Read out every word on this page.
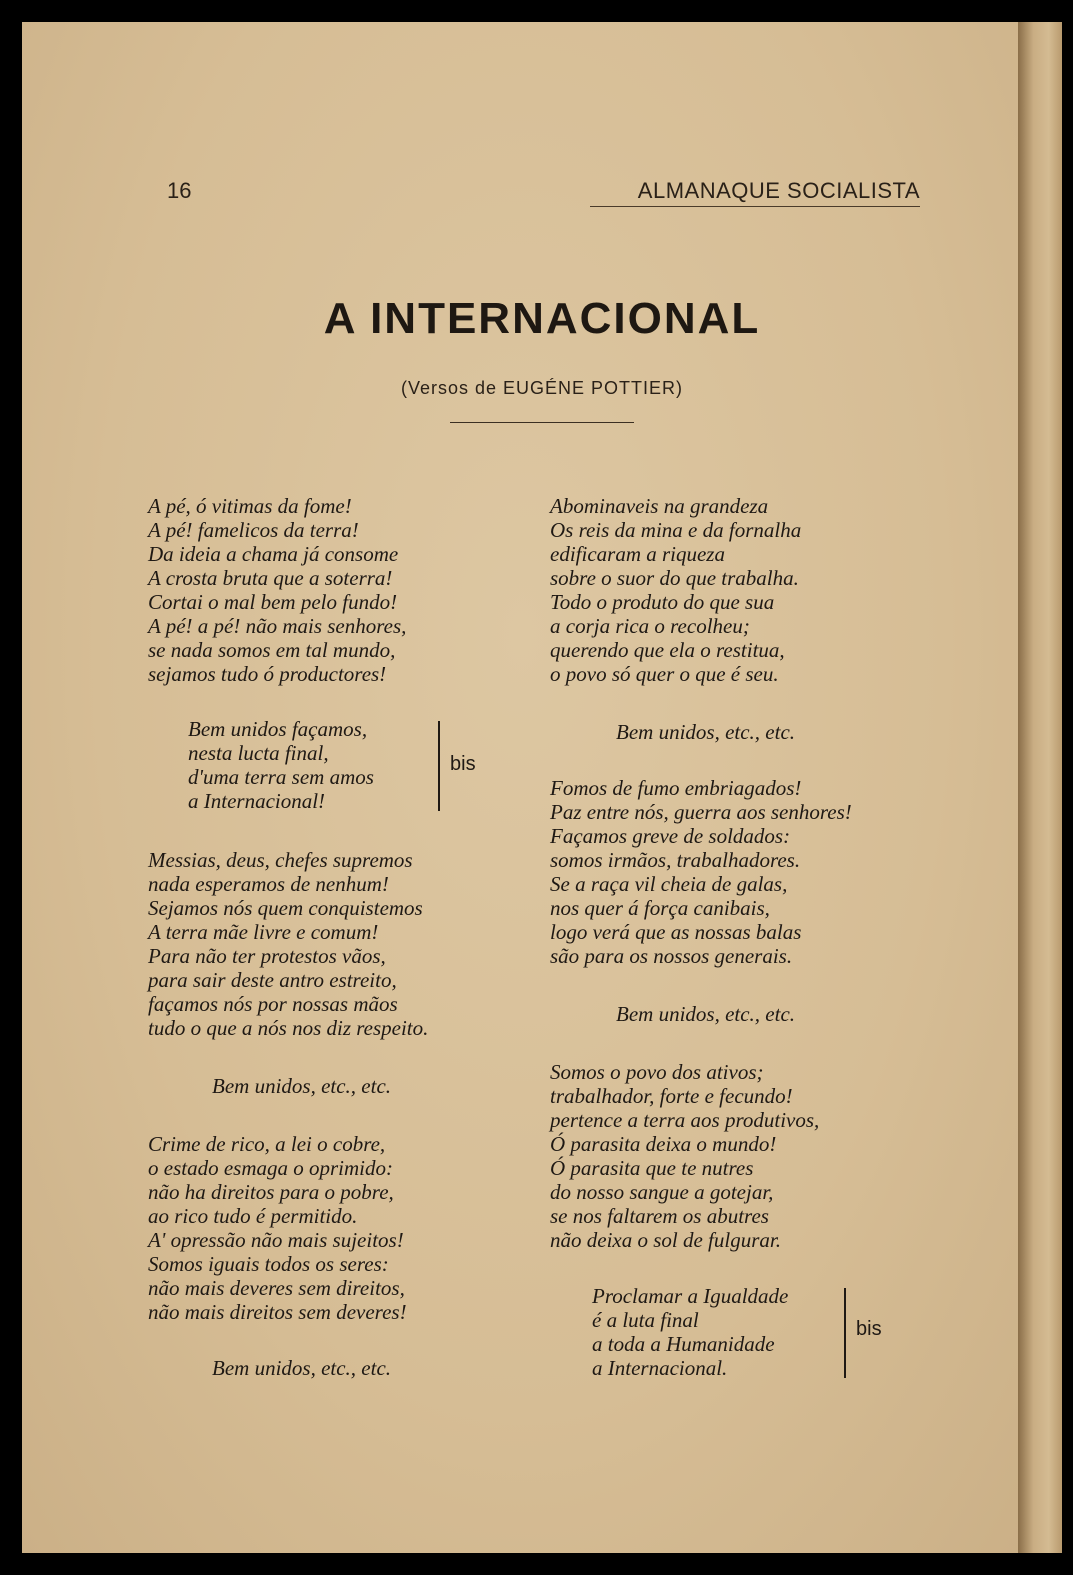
16	ALMANAQUE SOCIALISTA
A INTERNACIONAL
(Versos de EUGÉNE POTTIER)
A pé, ó vitimas da fome!
A pé! famelicos da terra!
Da ideia a chama já consome
A crosta bruta que a soterra!
Cortai o mal bem pelo fundo!
A pé! a pé! não mais senhores,
se nada somos em tal mundo,
sejamos tudo ó productores!
Bem unidos façamos,
nesta lucta final,
d'uma terra sem amos
a Internacional!
bis
Messias, deus, chefes supremos
nada esperamos de nenhum!
Sejamos nós quem conquistemos
A terra mãe livre e comum!
Para não ter protestos vãos,
para sair deste antro estreito,
façamos nós por nossas mãos
tudo o que a nós nos diz respeito.
Bem unidos, etc., etc.
Crime de rico, a lei o cobre,
o estado esmaga o oprimido:
não ha direitos para o pobre,
ao rico tudo é permitido.
A' opressão não mais sujeitos!
Somos iguais todos os seres:
não mais deveres sem direitos,
não mais direitos sem deveres!
Bem unidos, etc., etc.
Abominaveis na grandeza
Os reis da mina e da fornalha
edificaram a riqueza
sobre o suor do que trabalha.
Todo o produto do que sua
a corja rica o recolheu;
querendo que ela o restitua,
o povo só quer o que é seu.
Bem unidos, etc., etc.
Fomos de fumo embriagados!
Paz entre nós, guerra aos senhores!
Façamos greve de soldados:
somos irmãos, trabalhadores.
Se a raça vil cheia de galas,
nos quer á força canibais,
logo verá que as nossas balas
são para os nossos generais.
Bem unidos, etc., etc.
Somos o povo dos ativos;
trabalhador, forte e fecundo!
pertence a terra aos produtivos,
Ó parasita deixa o mundo!
Ó parasita que te nutres
do nosso sangue a gotejar,
se nos faltarem os abutres
não deixa o sol de fulgurar.
Proclamar a Igualdade
é a luta final
a toda a Humanidade
a Internacional.
bis
